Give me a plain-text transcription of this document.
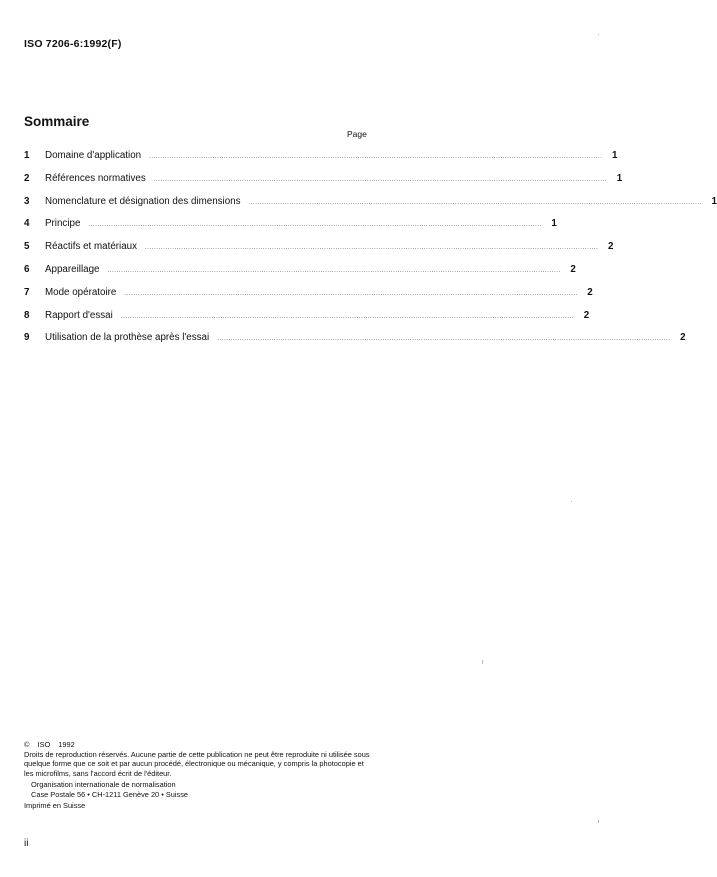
ISO 7206-6:1992(F)
Sommaire
Page
1	Domaine d'application	........................................................................................................................................................................................................ 1
2	Références normatives	........................................................................................................................................................................................................ 1
3	Nomenclature et désignation des dimensions	........................................................................................................................................................................................................ 1
4	Principe	........................................................................................................................................................................................................ 1
5	Réactifs et matériaux	........................................................................................................................................................................................................ 2
6	Appareillage	........................................................................................................................................................................................................ 2
7	Mode opératoire	........................................................................................................................................................................................................ 2
8	Rapport d'essai	........................................................................................................................................................................................................ 2
9	Utilisation de la prothèse après l'essai	........................................................................................................................................................................................................ 2
© ISO 1992
Droits de reproduction réservés. Aucune partie de cette publication ne peut être reproduite ni utilisée sous quelque forme que ce soit et par aucun procédé, électronique ou mécanique, y compris la photocopie et les microfilms, sans l'accord écrit de l'éditeur.
Organisation internationale de normalisation
Case Postale 56 • CH-1211 Genève 20 • Suisse
Imprimé en Suisse
ii
